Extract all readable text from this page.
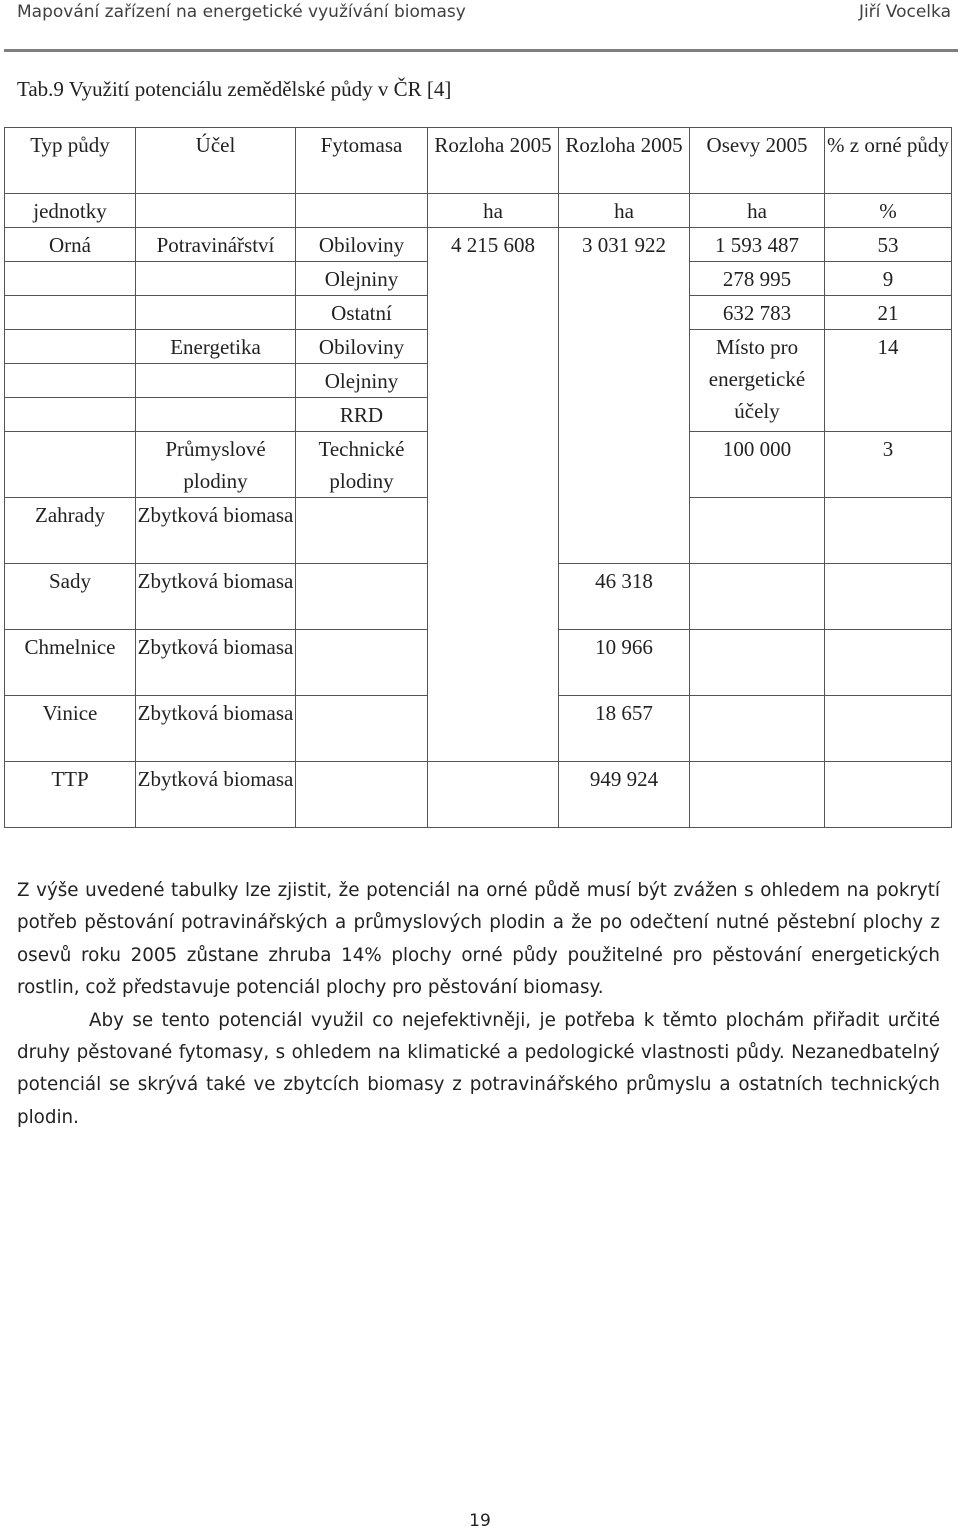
Mapování zařízení na energetické využívání biomasy	Jiří Vocelka
Tab.9 Využití potenciálu zemědělské půdy v ČR [4]
Typ půdy	Účel	Fytomasa	Rozloha 2005	Rozloha 2005	Osevy 2005	% z orné půdy
jednotky			ha	ha	ha	%
Orná	Potravinářství	Obiloviny	4 215 608	3 031 922	1 593 487	53
		Olejniny			278 995	9
		Ostatní			632 783	21
	Energetika	Obiloviny			Místo pro energetické účely	14
		Olejniny				
		RRD				
	Průmyslové plodiny	Technické plodiny			100 000	3
Zahrady	Zbytková biomasa					
Sady	Zbytková biomasa			46 318		
Chmelnice	Zbytková biomasa			10 966		
Vinice	Zbytková biomasa			18 657		
TTP	Zbytková biomasa			949 924		

Z výše uvedené tabulky lze zjistit, že potenciál na orné půdě musí být zvážen s ohledem na pokrytí potřeb pěstování potravinářských a průmyslových plodin a že po odečtení nutné pěstební plochy z osevů roku 2005 zůstane zhruba 14% plochy orné půdy použitelné pro pěstování energetických rostlin, což představuje potenciál plochy pro pěstování biomasy.

Aby se tento potenciál využil co nejefektivněji, je potřeba k těmto plochám přiřadit určité druhy pěstované fytomasy, s ohledem na klimatické a pedologické vlastnosti půdy. Nezanedbatelný potenciál se skrývá také ve zbytcích biomasy z potravinářského průmyslu a ostatních technických plodin.

19
